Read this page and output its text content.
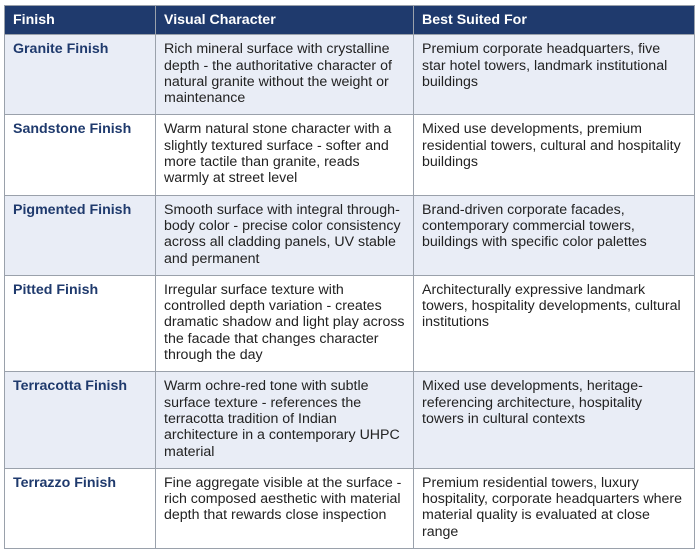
Finish	Visual Character	Best Suited For
Granite Finish	Rich mineral surface with crystalline depth - the authoritative character of natural granite without the weight or maintenance	Premium corporate headquarters, five star hotel towers, landmark institutional buildings
Sandstone Finish	Warm natural stone character with a slightly textured surface - softer and more tactile than granite, reads warmly at street level	Mixed use developments, premium residential towers, cultural and hospitality buildings
Pigmented Finish	Smooth surface with integral through-body color - precise color consistency across all cladding panels, UV stable and permanent	Brand-driven corporate facades, contemporary commercial towers, buildings with specific color palettes
Pitted Finish	Irregular surface texture with controlled depth variation - creates dramatic shadow and light play across the facade that changes character through the day	Architecturally expressive landmark towers, hospitality developments, cultural institutions
Terracotta Finish	Warm ochre-red tone with subtle surface texture - references the terracotta tradition of Indian architecture in a contemporary UHPC material	Mixed use developments, heritage-referencing architecture, hospitality towers in cultural contexts
Terrazzo Finish	Fine aggregate visible at the surface - rich composed aesthetic with material depth that rewards close inspection	Premium residential towers, luxury hospitality, corporate headquarters where material quality is evaluated at close range
